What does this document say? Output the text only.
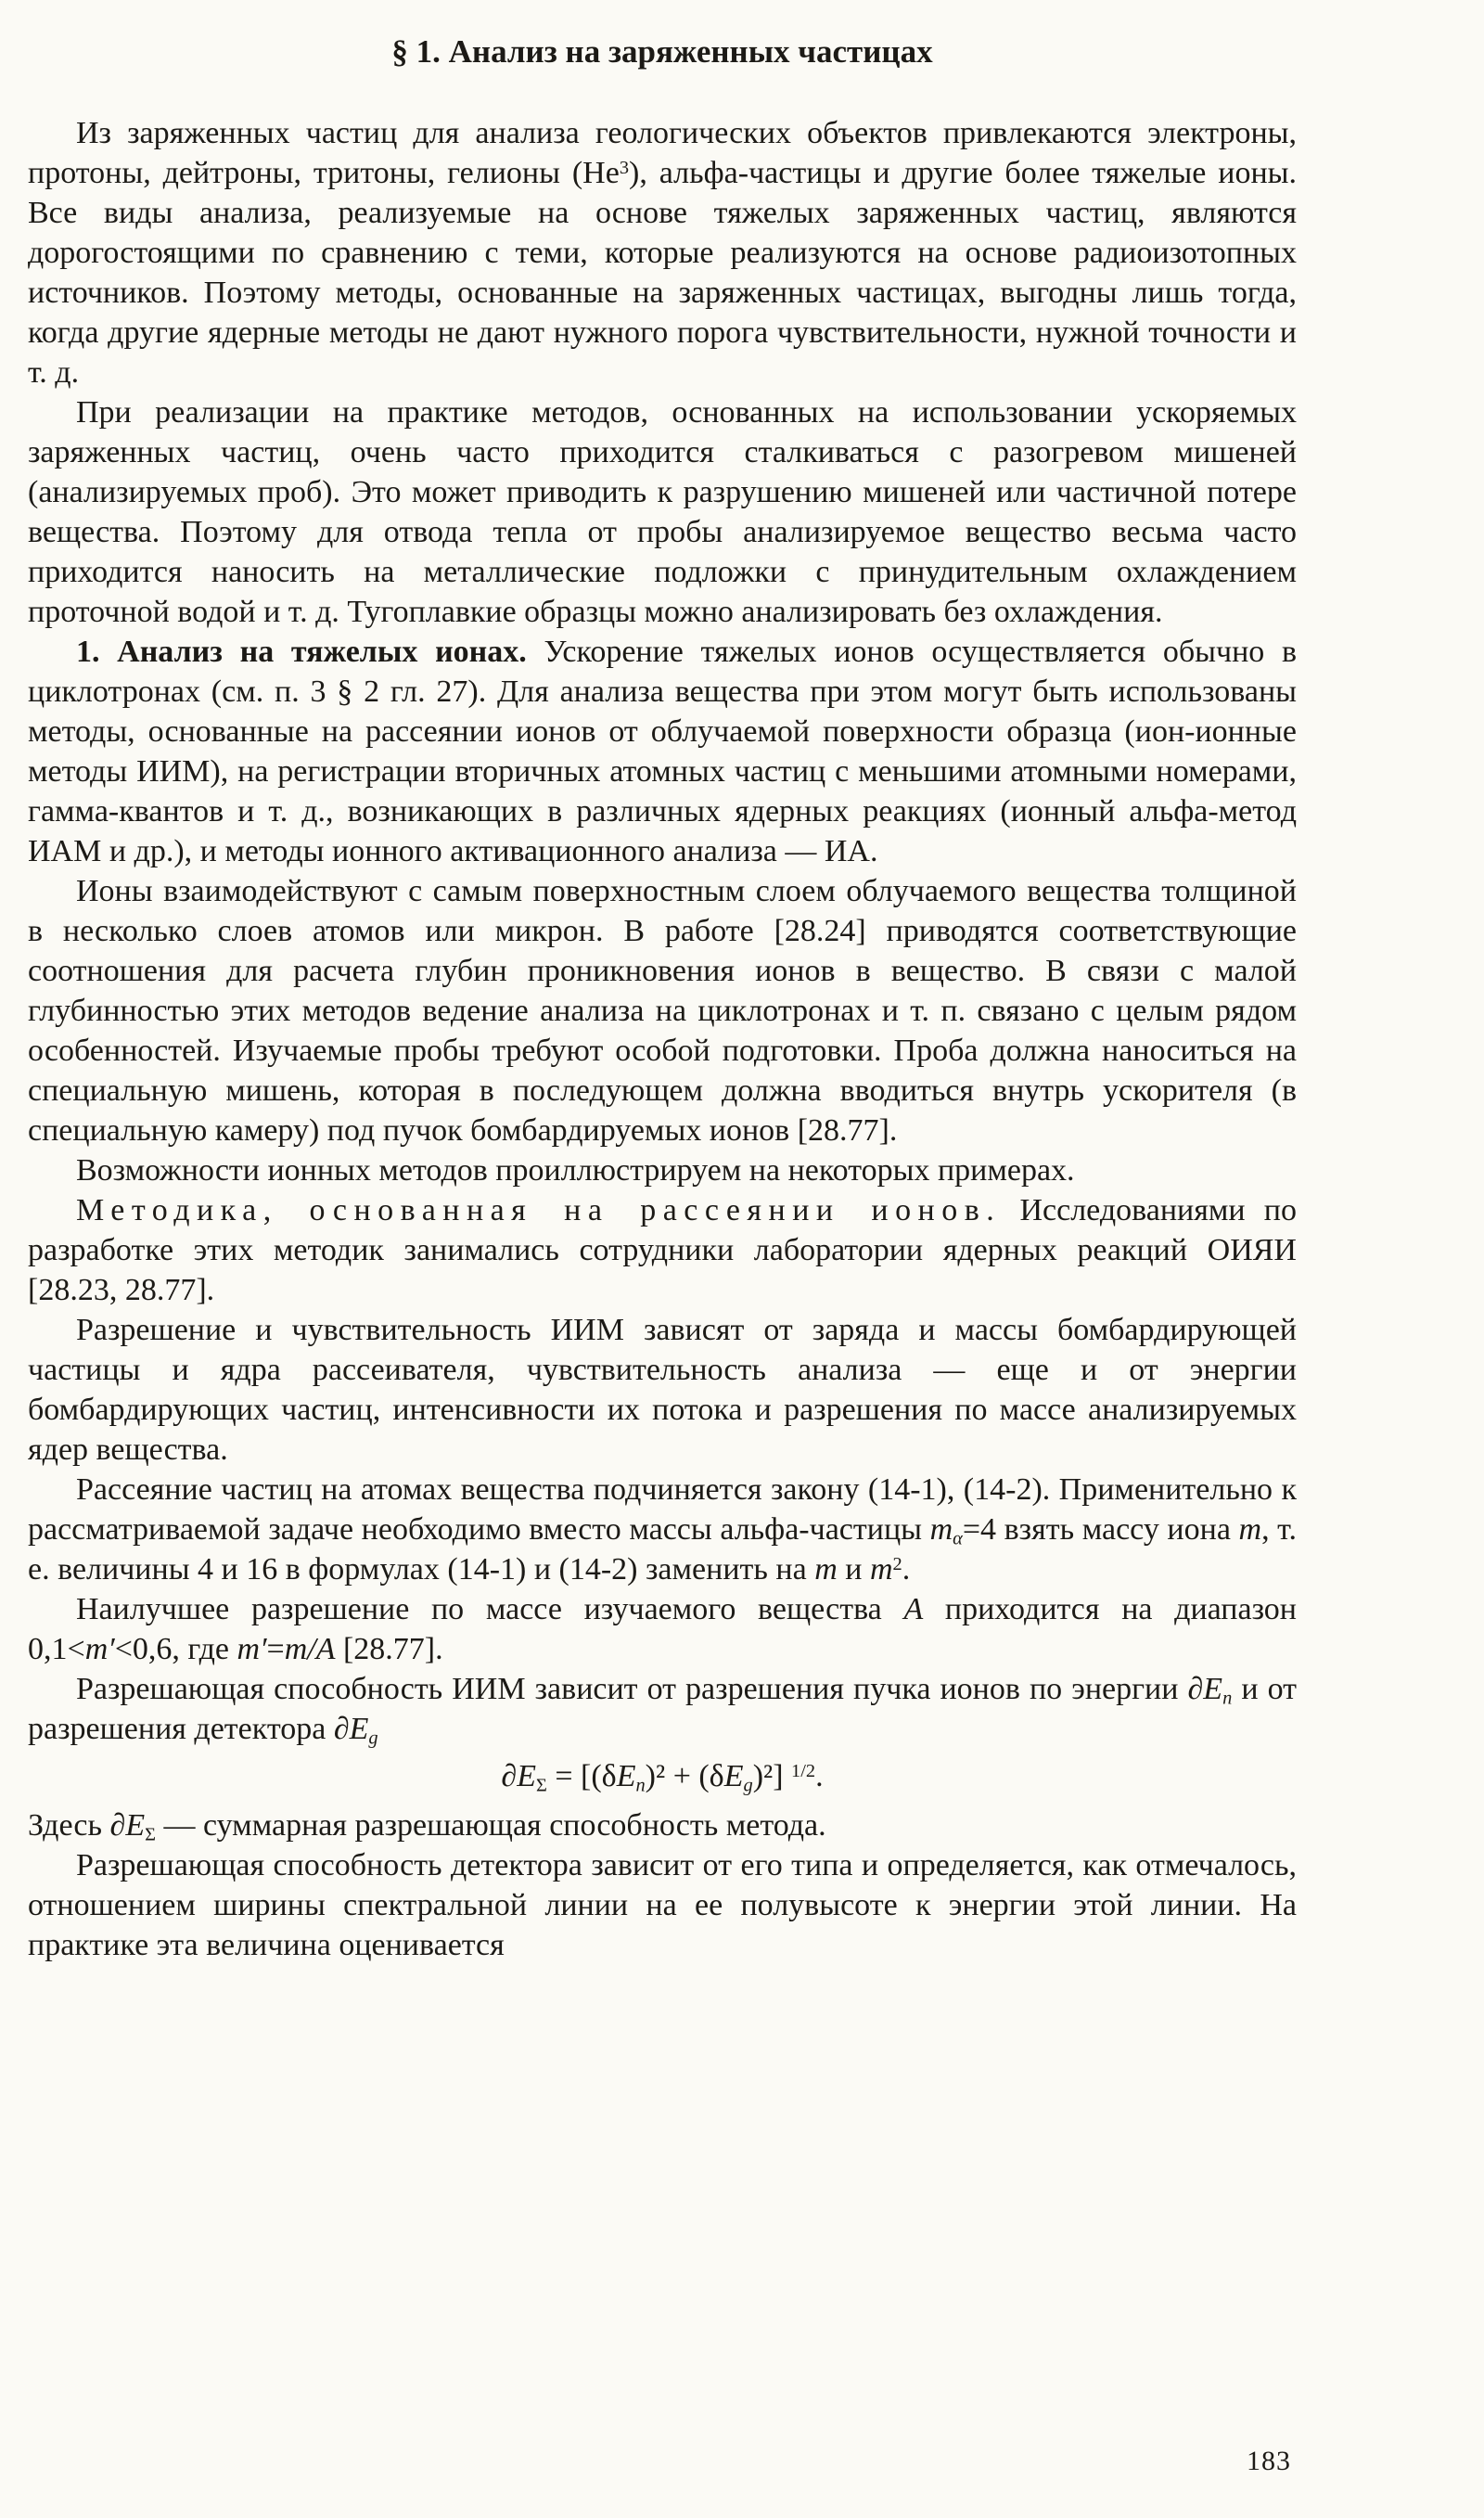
§ 1. Анализ на заряженных частицах

Из заряженных частиц для анализа геологических объектов привлекаются электроны, протоны, дейтроны, тритоны, гелионы $(Не^3)$, альфа-частицы и другие более тяжелые ионы. Все виды анализа, реализуемые на основе тяжелых заряженных частиц, являются дорогостоящими по сравнению с теми, которые реализуются на основе радиоизотопных источников. Поэтому методы, основанные на заряженных частицах, выгодны лишь тогда, когда другие ядерные методы не дают нужного порога чувствительности, нужной точности и т. д.

При реализации на практике методов, основанных на использовании ускоряемых заряженных частиц, очень часто приходится сталкиваться с разогревом мишеней (анализируемых проб). Это может приводить к разрушению мишеней или частичной потере вещества. Поэтому для отвода тепла от пробы анализируемое вещество весьма часто приходится наносить на металлические подложки с принудительным охлаждением проточной водой и т. д. Тугоплавкие образцы можно анализировать без охлаждения.

1. Анализ на тяжелых ионах. Ускорение тяжелых ионов осуществляется обычно в циклотронах (см. п. 3 § 2 гл. 27). Для анализа вещества при этом могут быть использованы методы, основанные на рассеянии ионов от облучаемой поверхности образца (ион-ионные методы ИИМ), на регистрации вторичных атомных частиц с меньшими атомными номерами, гамма-квантов и т. д., возникающих в различных ядерных реакциях (ионный альфа-метод ИАМ и др.), и методы ионного активационного анализа — ИА.

Ионы взаимодействуют с самым поверхностным слоем облучаемого вещества толщиной в несколько слоев атомов или микрон. В работе [28.24] приводятся соответствующие соотношения для расчета глубин проникновения ионов в вещество. В связи с малой глубинностью этих методов ведение анализа на циклотронах и т. п. связано с целым рядом особенностей. Изучаемые пробы требуют особой подготовки. Проба должна наноситься на специальную мишень, которая в последующем должна вводиться внутрь ускорителя (в специальную камеру) под пучок бомбардируемых ионов [28.77].

Возможности ионных методов проиллюстрируем на некоторых примерах.

Методика, основанная на рассеянии ионов. Исследованиями по разработке этих методик занимались сотрудники лаборатории ядерных реакций ОИЯИ [28.23, 28.77].

Разрешение и чувствительность ИИМ зависят от заряда и массы бомбардирующей частицы и ядра рассеивателя, чувствительность анализа — еще и от энергии бомбардирующих частиц, интенсивности их потока и разрешения по массе анализируемых ядер вещества.

Рассеяние частиц на атомах вещества подчиняется закону (14-1), (14-2). Применительно к рассматриваемой задаче необходимо вместо массы альфа-частицы $m_\alpha=4$ взять массу иона m, т. е. величины 4 и 16 в формулах (14-1) и (14-2) заменить на m и $m^2$.

Наилучшее разрешение по массе изучаемого вещества A приходится на диапазон 0,1<m′<0,6, где m′=m/A [28.77].

Разрешающая способность ИИМ зависит от разрешения пучка ионов по энергии $\partial E_n$ и от разрешения детектора $\partial E_g$

$\partial E_\Sigma = [(\delta E_n)^2 + (\delta E_g)^2]$ $^{1/2}$.

Здесь $\partial E_\Sigma$ — суммарная разрешающая способность метода.

Разрешающая способность детектора зависит от его типа и определяется, как отмечалось, отношением ширины спектральной линии на ее полувысоте к энергии этой линии. На практике эта величина оценивается

183
